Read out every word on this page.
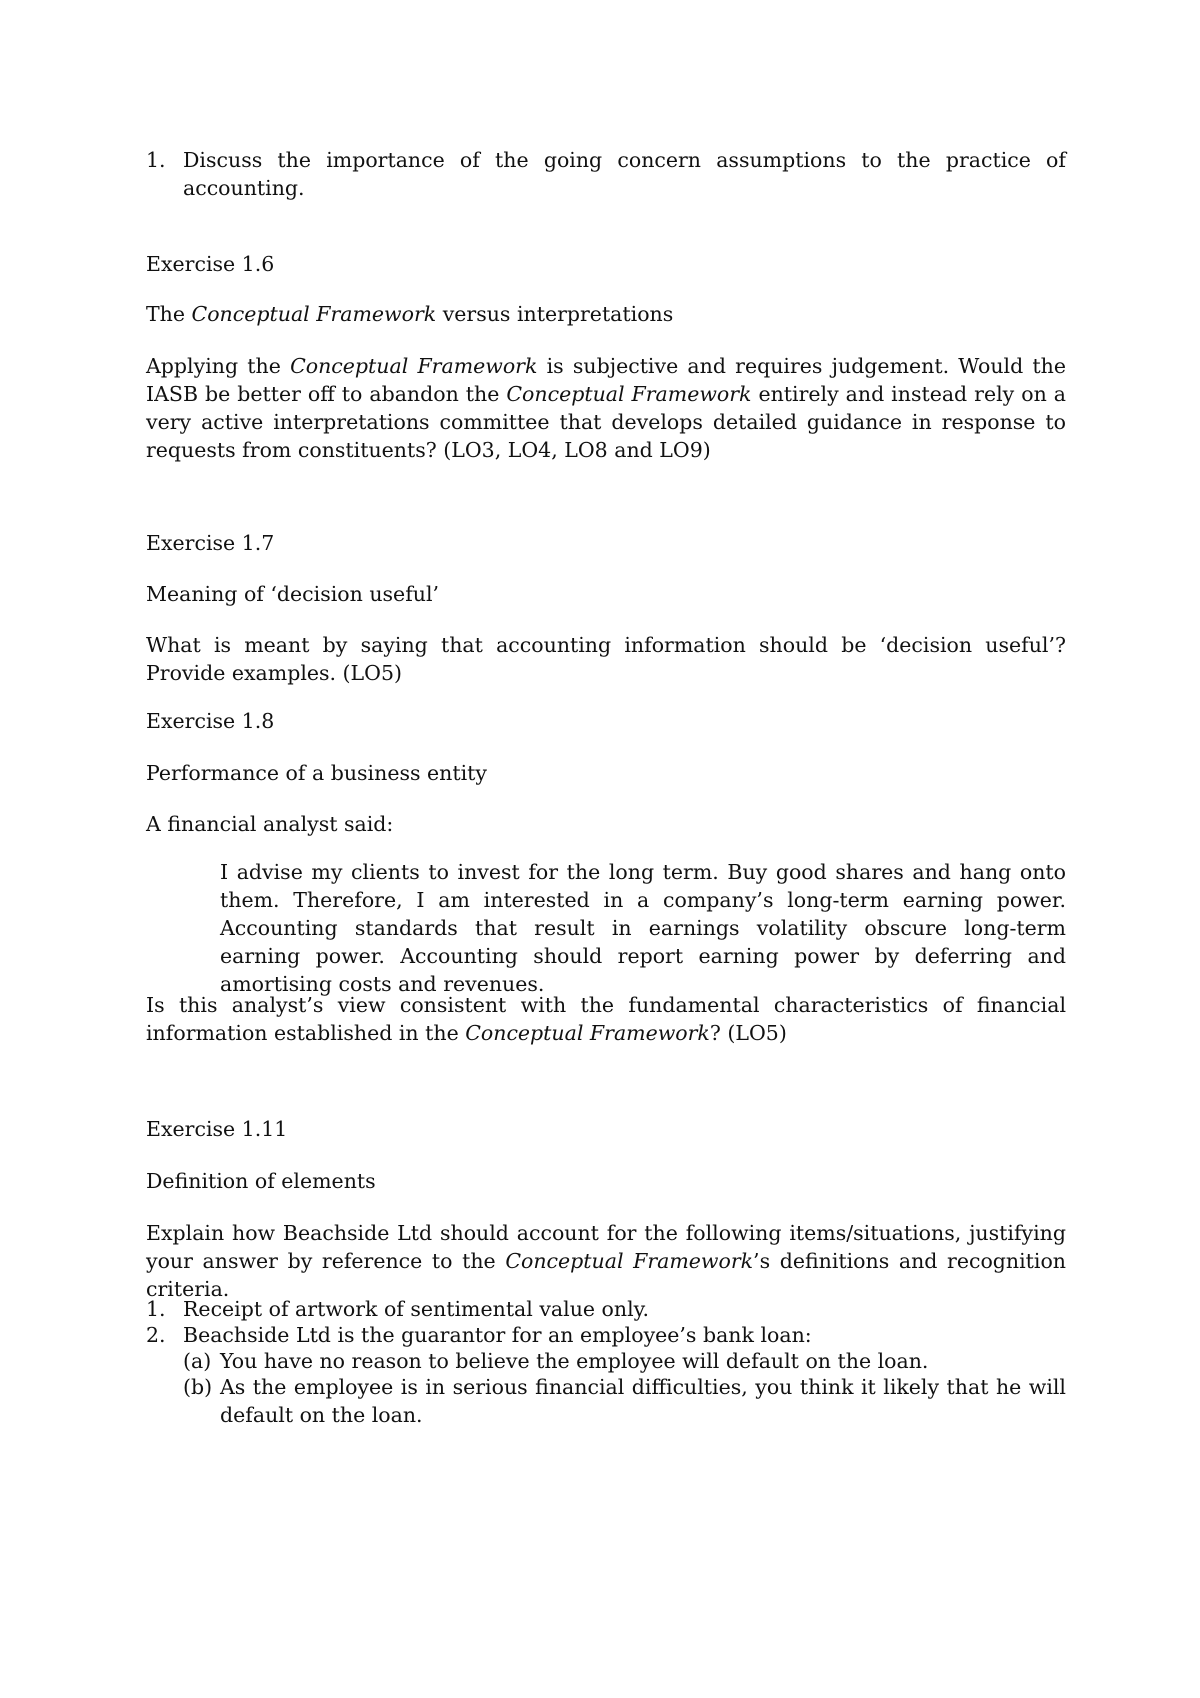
1. Discuss the importance of the going concern assumptions to the practice of accounting.

Exercise 1.6

The Conceptual Framework versus interpretations

Applying the Conceptual Framework is subjective and requires judgement. Would the IASB be better off to abandon the Conceptual Framework entirely and instead rely on a very active interpretations committee that develops detailed guidance in response to requests from constituents? (LO3, LO4, LO8 and LO9)

Exercise 1.7

Meaning of ‘decision useful’

What is meant by saying that accounting information should be ‘decision useful’? Provide examples. (LO5)

Exercise 1.8

Performance of a business entity

A financial analyst said:

I advise my clients to invest for the long term. Buy good shares and hang onto them. Therefore, I am interested in a company’s long-term earning power. Accounting standards that result in earnings volatility obscure long-term earning power. Accounting should report earning power by deferring and amortising costs and revenues.

Is this analyst’s view consistent with the fundamental characteristics of financial information established in the Conceptual Framework? (LO5)

Exercise 1.11

Definition of elements

Explain how Beachside Ltd should account for the following items/situations, justifying your answer by reference to the Conceptual Framework’s definitions and recognition criteria.

1. Receipt of artwork of sentimental value only.
2. Beachside Ltd is the guarantor for an employee’s bank loan:
(a) You have no reason to believe the employee will default on the loan.
(b) As the employee is in serious financial difficulties, you think it likely that he will default on the loan.
